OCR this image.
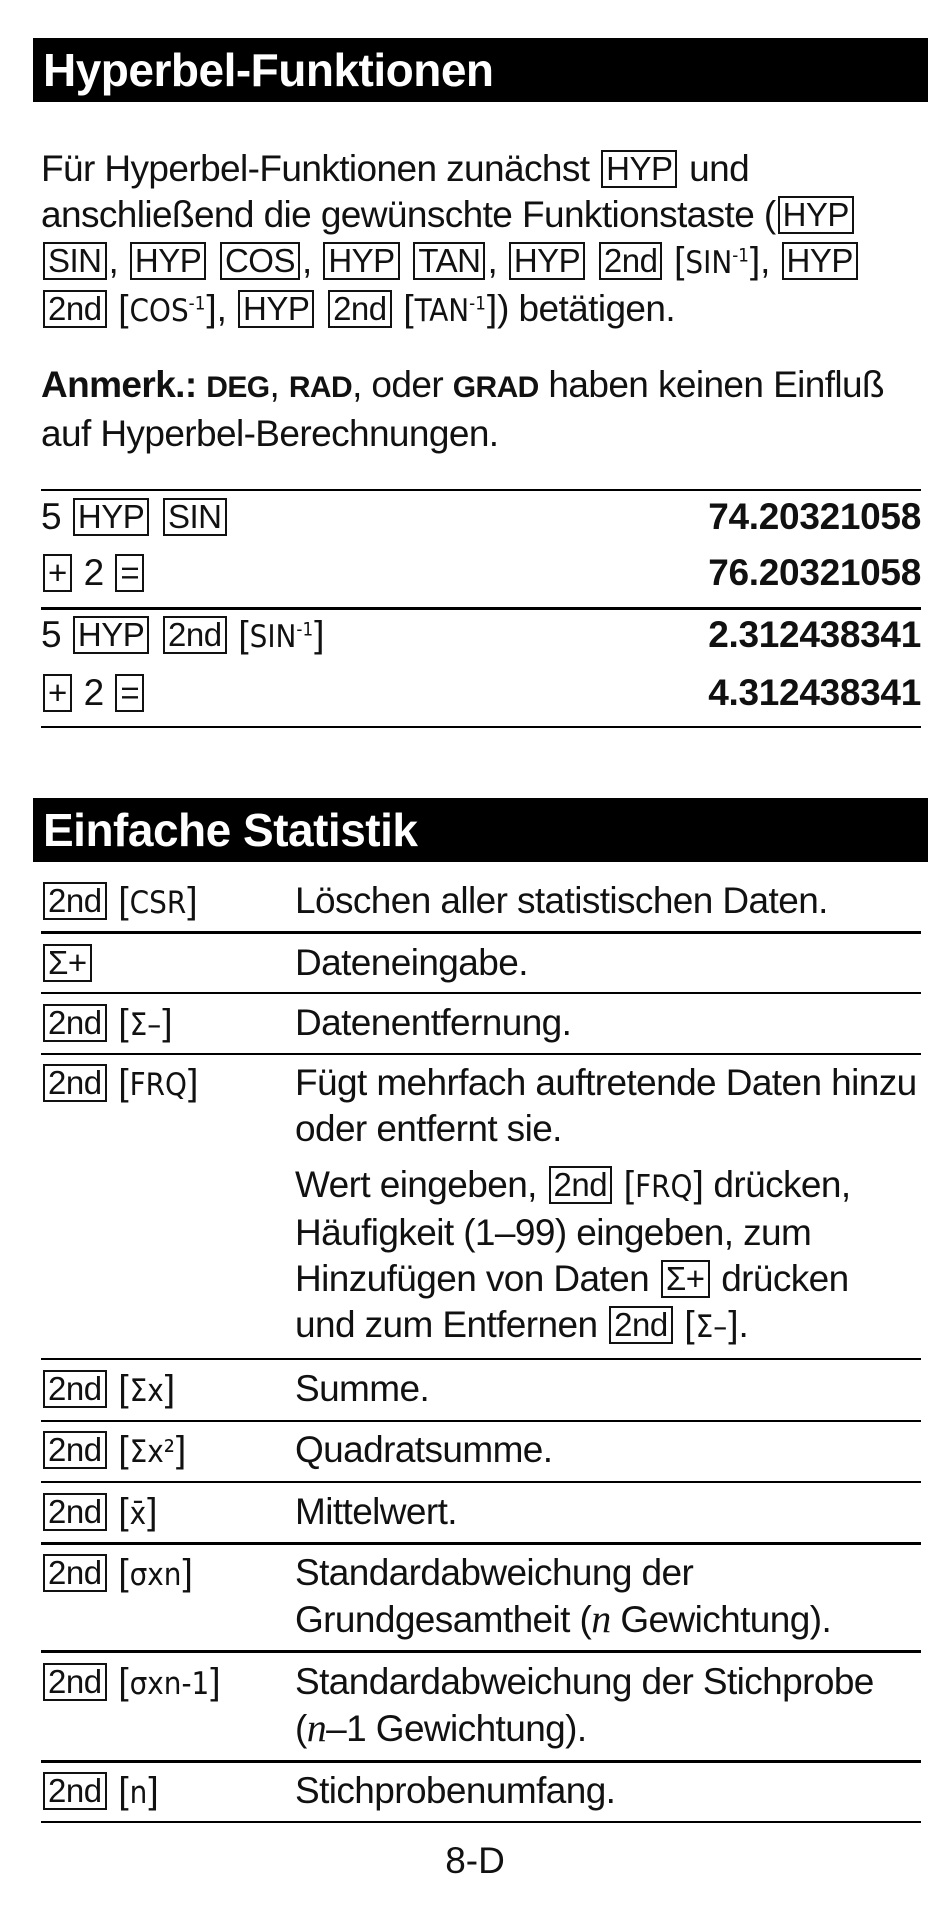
Hyperbel-Funktionen
Für Hyperbel-Funktionen zunächst HYP und
anschließend die gewünschte Funktionstaste ( HYP
SIN , HYP COS , HYP TAN , HYP 2nd [ $SIN^{-1}$ ] , HYP
2nd [ $COS^{-1}$ ] , HYP 2nd [ $TAN^{-1}$ ] ) betätigen.
Anmerk.: DEG, RAD, oder GRAD haben keinen Einfluß
auf Hyperbel-Berechnungen.
5 HYP SIN	74.20321058
+ 2 =	76.20321058
5 HYP 2nd [ $SIN^{-1}$ ]	2.312438341
+ 2 =	4.312438341
Einfache Statistik
2nd [ CSR ]	Löschen aller statistischen Daten.
Σ+	Dateneingabe.
2nd [ Σ– ]	Datenentfernung.
2nd [ FRQ ]	Fügt mehrfach auftretende Daten hinzu
oder entfernt sie.
Wert eingeben, 2nd [ FRQ ] drücken,
Häufigkeit (1–99) eingeben, zum
Hinzufügen von Daten Σ+ drücken
und zum Entfernen 2nd [ Σ– ] .
2nd [ Σx ]	Summe.
2nd [ Σx² ]	Quadratsumme.
2nd [ x̄ ]	Mittelwert.
2nd [ σxn ]	Standardabweichung der
Grundgesamtheit (n Gewichtung).
2nd [ σxn-1 ]	Standardabweichung der Stichprobe
(n–1 Gewichtung).
2nd [ n ]	Stichprobenumfang.
8-D
